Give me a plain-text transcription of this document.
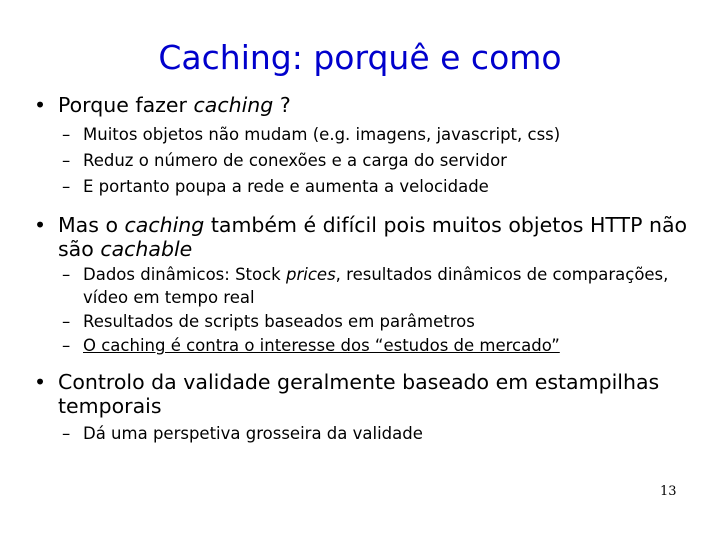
Caching: porquê e como
• Porque fazer caching ?
– Muitos objetos não mudam (e.g. imagens, javascript, css)
– Reduz o número de conexões e a carga do servidor
– E portanto poupa a rede e aumenta a velocidade
• Mas o caching também é difícil pois muitos objetos HTTP não são cachable
– Dados dinâmicos: Stock prices, resultados dinâmicos de comparações, vídeo em tempo real
– Resultados de scripts baseados em parâmetros
– O caching é contra o interesse dos “estudos de mercado”
• Controlo da validade geralmente baseado em estampilhas temporais
– Dá uma perspetiva grosseira da validade
13
